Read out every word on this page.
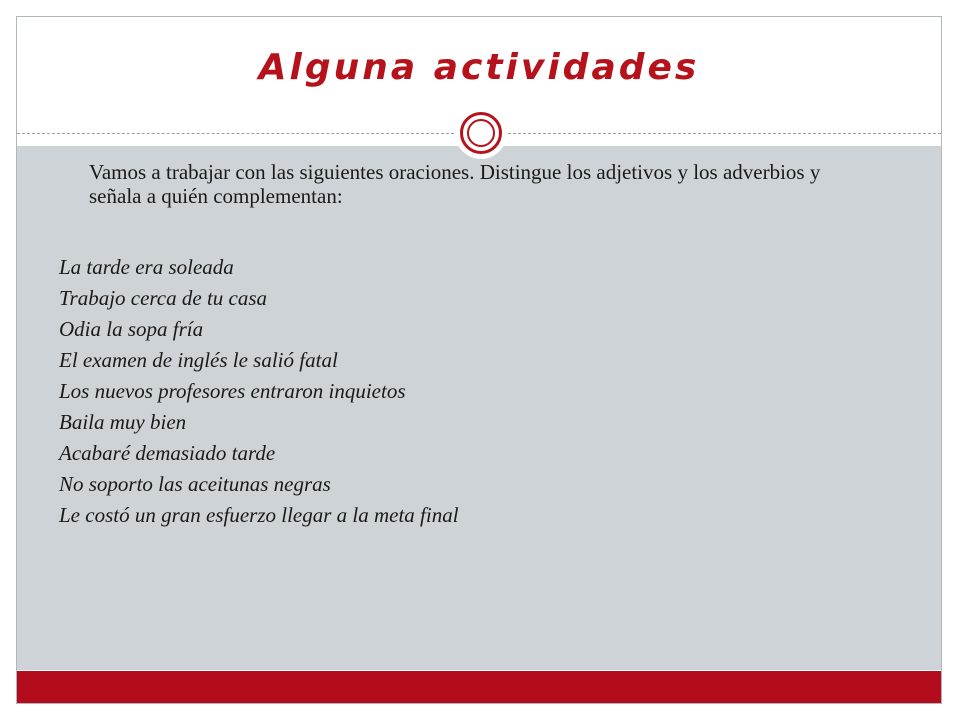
Alguna actividades

Vamos a trabajar con las siguientes oraciones. Distingue los adjetivos y los adverbios y señala a quién complementan:

La tarde era soleada
Trabajo cerca de tu casa
Odia la sopa fría
El examen de inglés le salió fatal
Los nuevos profesores entraron inquietos
Baila muy bien
Acabaré demasiado tarde
No soporto las aceitunas negras
Le costó un gran esfuerzo llegar a la meta final
